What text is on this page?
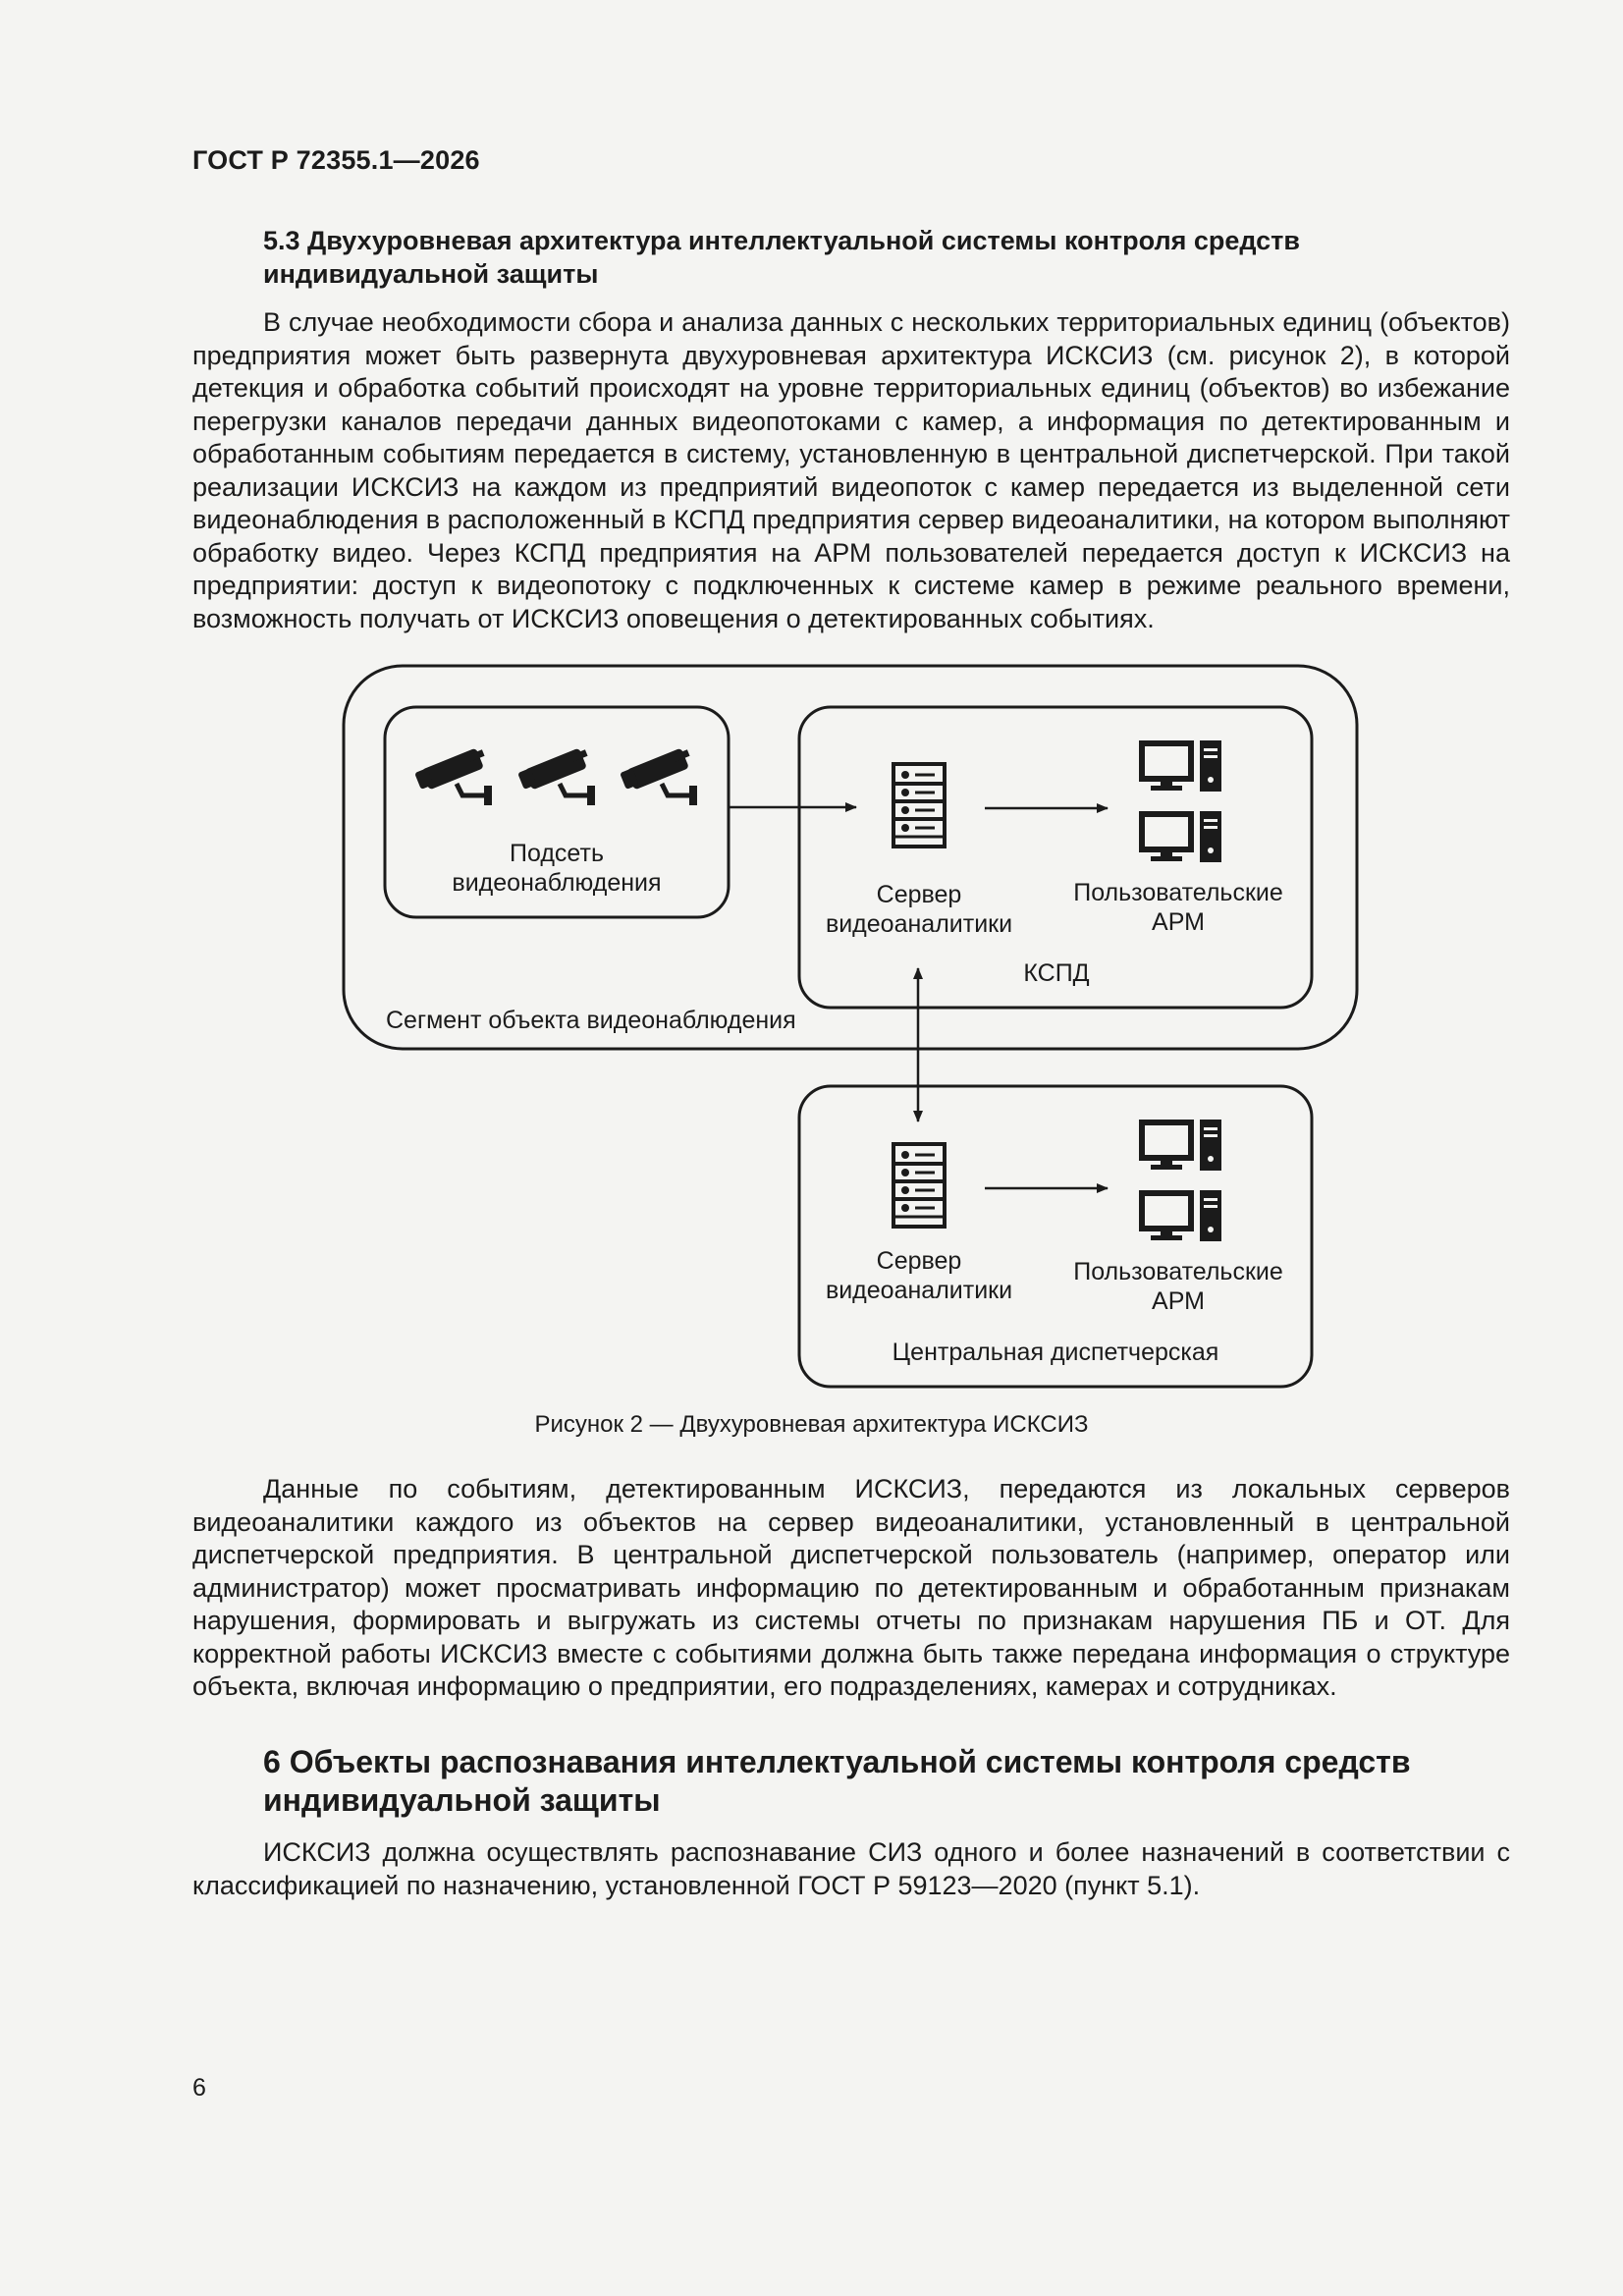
ГОСТ Р 72355.1—2026
5.3 Двухуровневая архитектура интеллектуальной системы контроля средств индивидуальной защиты

В случае необходимости сбора и анализа данных с нескольких территориальных единиц (объектов) предприятия может быть развернута двухуровневая архитектура ИСКСИЗ (см. рисунок 2), в которой детекция и обработка событий происходят на уровне территориальных единиц (объектов) во избежание перегрузки каналов передачи данных видеопотоками с камер, а информация по детектированным и обработанным событиям передается в систему, установленную в центральной диспетчерской. При такой реализации ИСКСИЗ на каждом из предприятий видеопоток с камер передается из выделенной сети видеонаблюдения в расположенный в КСПД предприятия сервер видеоаналитики, на котором выполняют обработку видео. Через КСПД предприятия на АРМ пользователей передается доступ к ИСКСИЗ на предприятии: доступ к видеопотоку с подключенных к системе камер в режиме реального времени, возможность получать от ИСКСИЗ оповещения о детектированных событиях.

Подсеть
видеонаблюдения	Сервер
видеоаналитики
Пользовательские
АРМ
КСПД
Сегмент объекта видеонаблюдения
Сервер
видеоаналитики
Пользовательские
АРМ
Центральная диспетчерская
Рисунок 2 — Двухуровневая архитектура ИСКСИЗ

Данные по событиям, детектированным ИСКСИЗ, передаются из локальных серверов видеоаналитики каждого из объектов на сервер видеоаналитики, установленный в центральной диспетчерской предприятия. В центральной диспетчерской пользователь (например, оператор или администратор) может просматривать информацию по детектированным и обработанным признакам нарушения, формировать и выгружать из системы отчеты по признакам нарушения ПБ и ОТ. Для корректной работы ИСКСИЗ вместе с событиями должна быть также передана информация о структуре объекта, включая информацию о предприятии, его подразделениях, камерах и сотрудниках.

6 Объекты распознавания интеллектуальной системы контроля средств индивидуальной защиты

ИСКСИЗ должна осуществлять распознавание СИЗ одного и более назначений в соответствии с классификацией по назначению, установленной ГОСТ Р 59123—2020 (пункт 5.1).

6
